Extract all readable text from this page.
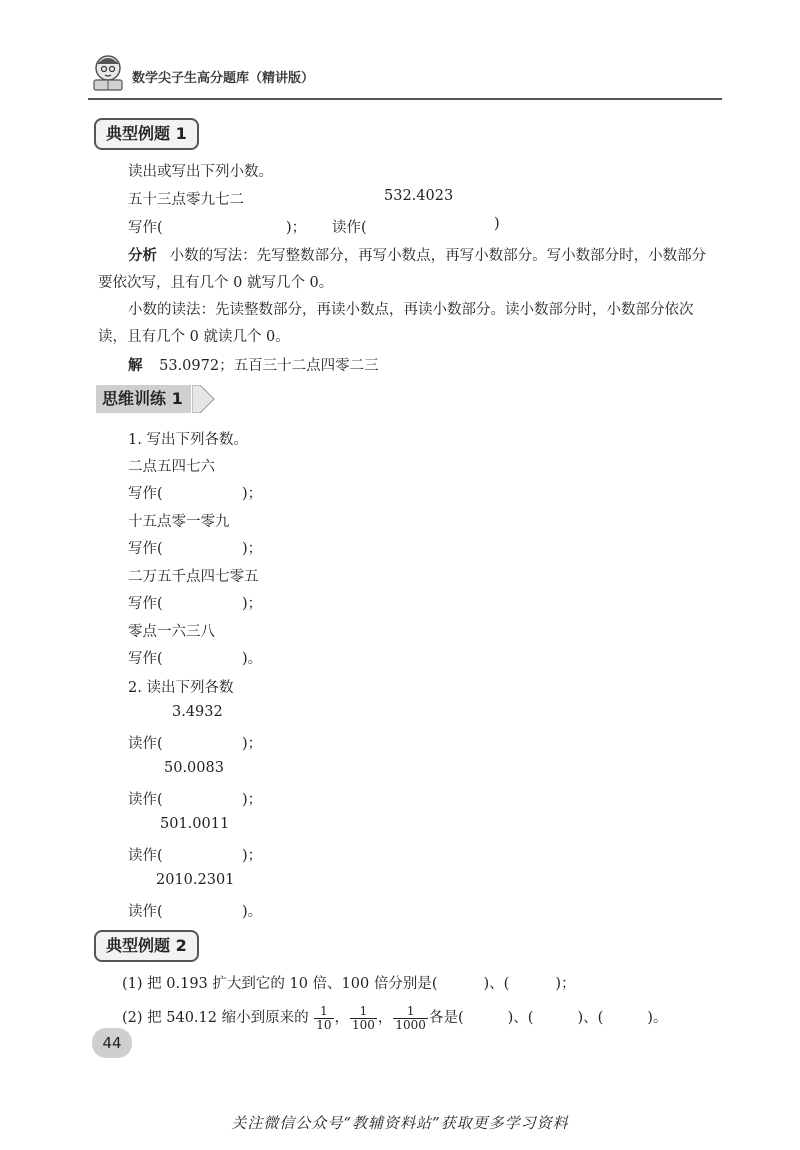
数学尖子生高分题库（精讲版）
典型例题 1
读出或写出下列小数。
五十三点零九七二	532.4023
写作(	)； 读作(	)
分析 小数的写法：先写整数部分，再写小数点，再写小数部分。写小数部分时，小数部分
要依次写，且有几个 0 就写几个 0。
小数的读法：先读整数部分，再读小数点，再读小数部分。读小数部分时，小数部分依次
读，且有几个 0 就读几个 0。
解 53.0972；五百三十二点四零二三
思维训练 1
1. 写出下列各数。
二点五四七六
写作(	)；
十五点零一零九
写作(	)；
二万五千点四七零五
写作(	)；
零点一六三八
写作(	)。
2. 读出下列各数
3.4932
读作(	)；
50.0083
读作(	)；
501.0011
读作(	)；
2010.2301
读作(	)。
典型例题 2
(1) 把 0.193 扩大到它的 10 倍、100 倍分别是(	)、(	)；
(2) 把 540.12 缩小到原来的 $\frac{1}{10}$ ， $\frac{1}{100}$ ， $\frac{1}{1000}$ 各是(	)、(	)、(	)。
44
关注微信公众号“教辅资料站”获取更多学习资料
